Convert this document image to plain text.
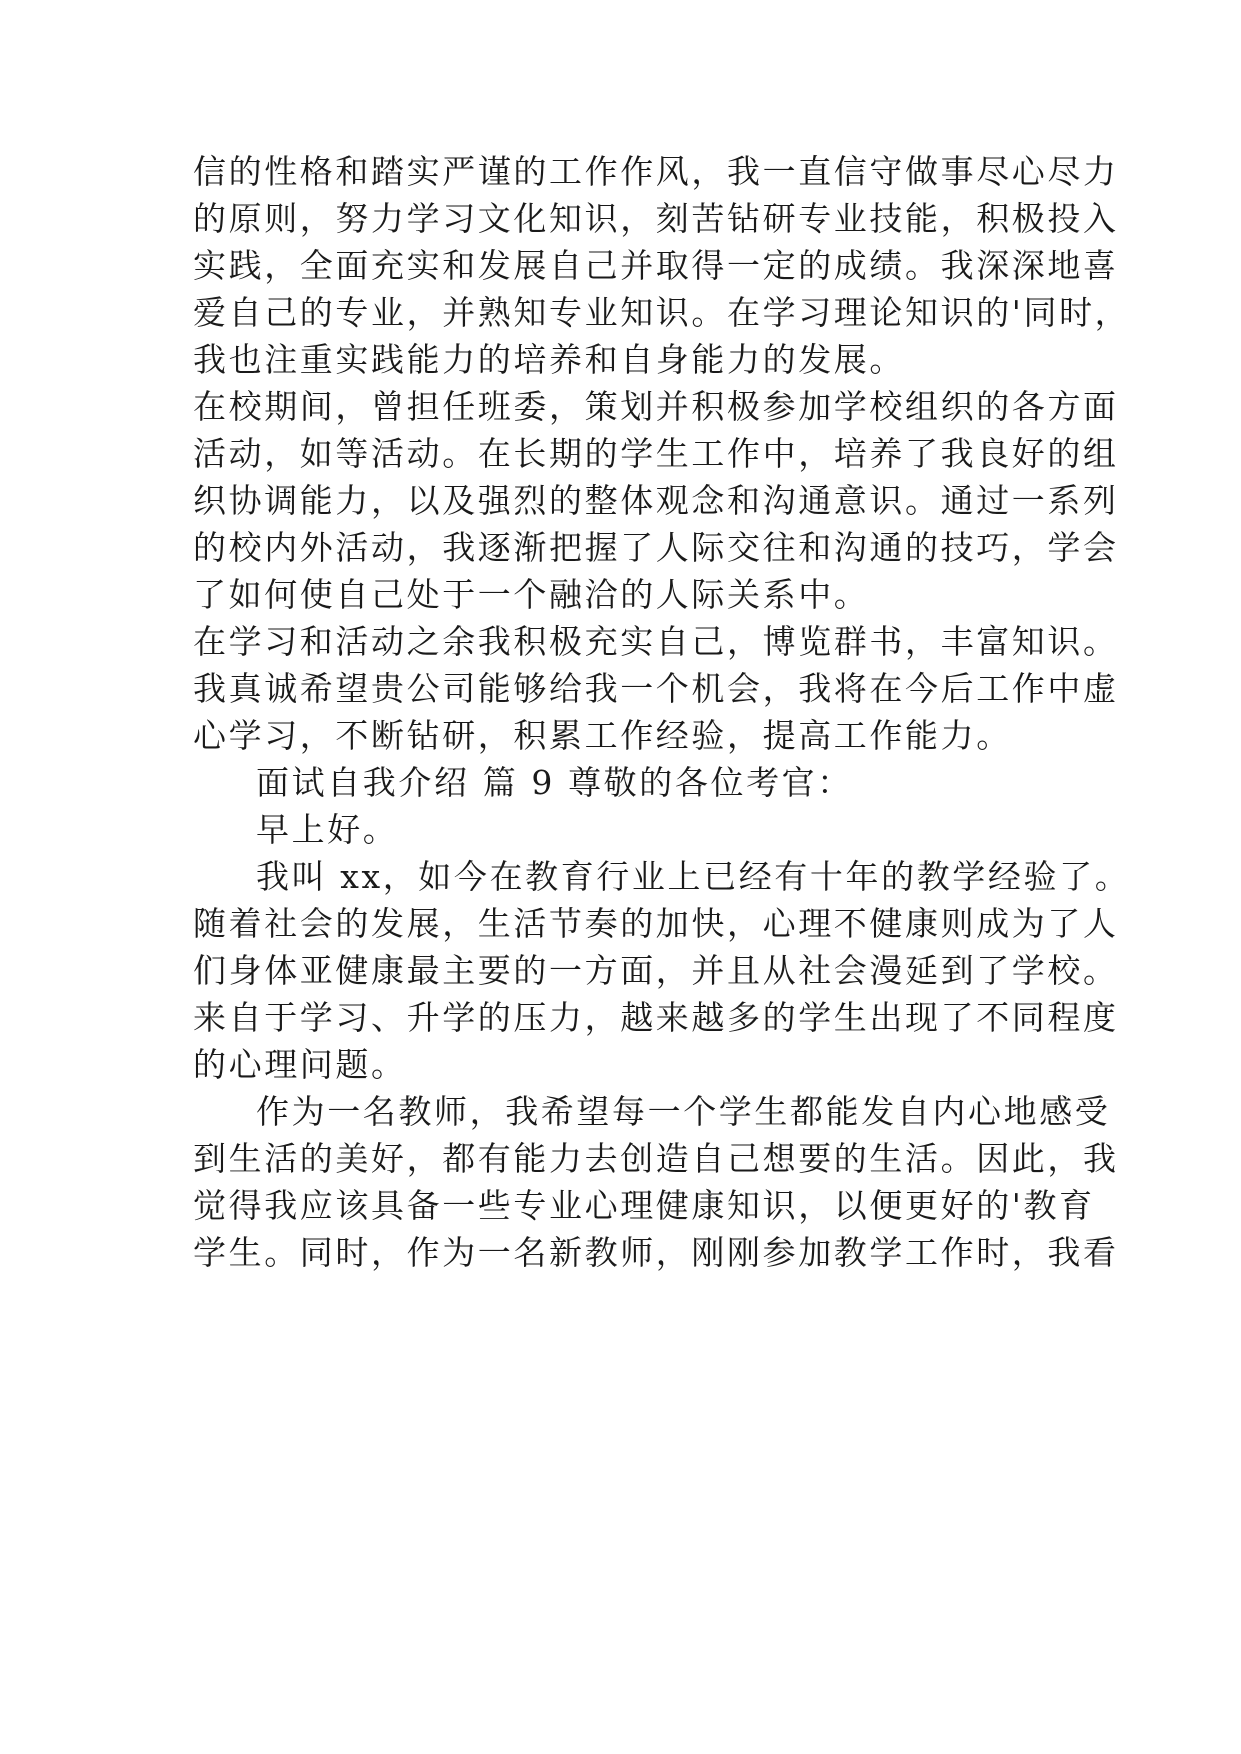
信的性格和踏实严谨的工作作风，我一直信守做事尽心尽力
的原则，努力学习文化知识，刻苦钻研专业技能，积极投入
实践，全面充实和发展自己并取得一定的成绩。我深深地喜
爱自己的专业，并熟知专业知识。在学习理论知识的'同时，
我也注重实践能力的培养和自身能力的发展。
在校期间，曾担任班委，策划并积极参加学校组织的各方面
活动，如等活动。在长期的学生工作中，培养了我良好的组
织协调能力，以及强烈的整体观念和沟通意识。通过一系列
的校内外活动，我逐渐把握了人际交往和沟通的技巧，学会
了如何使自己处于一个融洽的人际关系中。
在学习和活动之余我积极充实自己，博览群书，丰富知识。
我真诚希望贵公司能够给我一个机会，我将在今后工作中虚
心学习，不断钻研，积累工作经验，提高工作能力。
面试自我介绍 篇 9 尊敬的各位考官：
早上好。
我叫 xx，如今在教育行业上已经有十年的教学经验了。
随着社会的发展，生活节奏的加快，心理不健康则成为了人
们身体亚健康最主要的一方面，并且从社会漫延到了学校。
来自于学习、升学的压力，越来越多的学生出现了不同程度
的心理问题。
作为一名教师，我希望每一个学生都能发自内心地感受
到生活的美好，都有能力去创造自己想要的生活。因此，我
觉得我应该具备一些专业心理健康知识，以便更好的'教育
学生。同时，作为一名新教师，刚刚参加教学工作时，我看
